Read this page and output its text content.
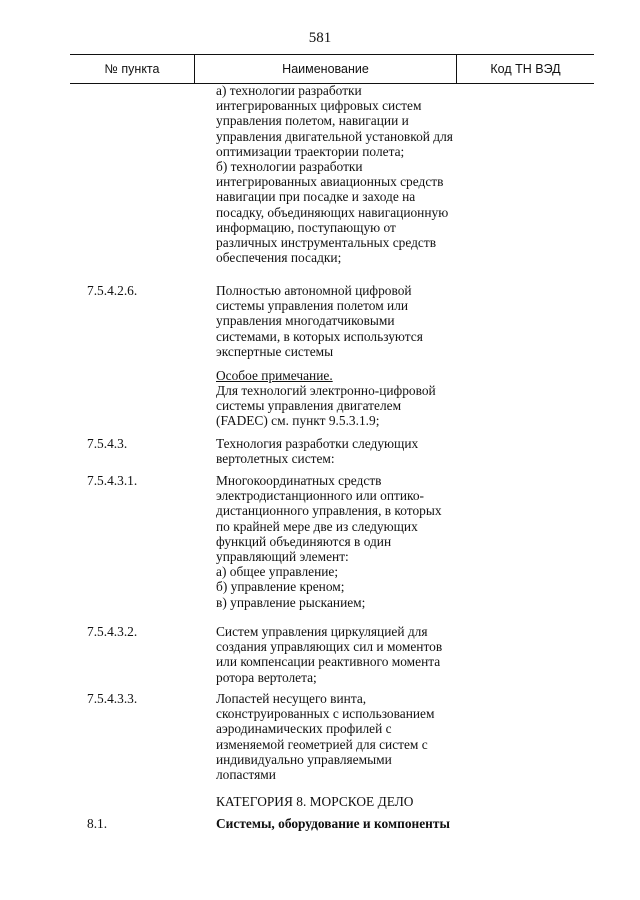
581
№ пункта	Наименование	Код ТН ВЭД
а) технологии разработки
интегрированных цифровых систем
управления полетом, навигации и
управления двигательной установкой для
оптимизации траектории полета;
б) технологии разработки
интегрированных авиационных средств
навигации при посадке и заходе на
посадку, объединяющих навигационную
информацию, поступающую от
различных инструментальных средств
обеспечения посадки;
7.5.4.2.6.	Полностью автономной цифровой
системы управления полетом или
управления многодатчиковыми
системами, в которых используются
экспертные системы
Особое примечание.
Для технологий электронно-цифровой
системы управления двигателем
(FADEC) см. пункт 9.5.3.1.9;
7.5.4.3.	Технология разработки следующих
вертолетных систем:
7.5.4.3.1.	Многокоординатных средств
электродистанционного или оптико-
дистанционного управления, в которых
по крайней мере две из следующих
функций объединяются в один
управляющий элемент:
а) общее управление;
б) управление креном;
в) управление рысканием;
7.5.4.3.2.	Систем управления циркуляцией для
создания управляющих сил и моментов
или компенсации реактивного момента
ротора вертолета;
7.5.4.3.3.	Лопастей несущего винта,
сконструированных с использованием
аэродинамических профилей с
изменяемой геометрией для систем с
индивидуально управляемыми
лопастями
КАТЕГОРИЯ 8. МОРСКОЕ ДЕЛО
8.1.	Системы, оборудование и компоненты
